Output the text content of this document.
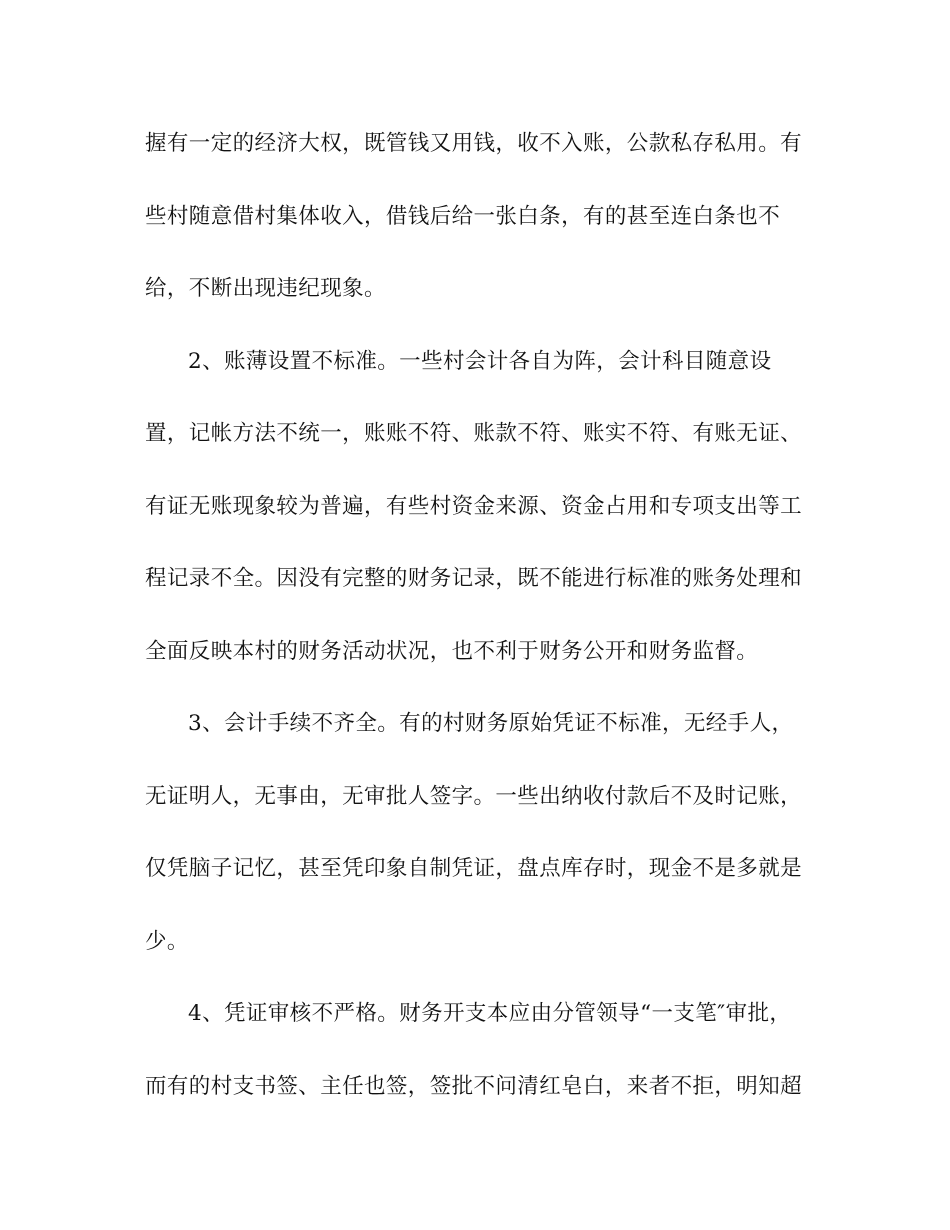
握有一定的经济大权，既管钱又用钱，收不入账，公款私存私用。有
些村随意借村集体收入，借钱后给一张白条，有的甚至连白条也不
给，不断出现违纪现象。
2、账薄设置不标准。一些村会计各自为阵，会计科目随意设
置，记帐方法不统一，账账不符、账款不符、账实不符、有账无证、
有证无账现象较为普遍，有些村资金来源、资金占用和专项支出等工
程记录不全。因没有完整的财务记录，既不能进行标准的账务处理和
全面反映本村的财务活动状况，也不利于财务公开和财务监督。
3、会计手续不齐全。有的村财务原始凭证不标准，无经手人，
无证明人，无事由，无审批人签字。一些出纳收付款后不及时记账，
仅凭脑子记忆，甚至凭印象自制凭证，盘点库存时，现金不是多就是
少。
4、凭证审核不严格。财务开支本应由分管领导“一支笔″审批，
而有的村支书签、主任也签，签批不问清红皂白，来者不拒，明知超
